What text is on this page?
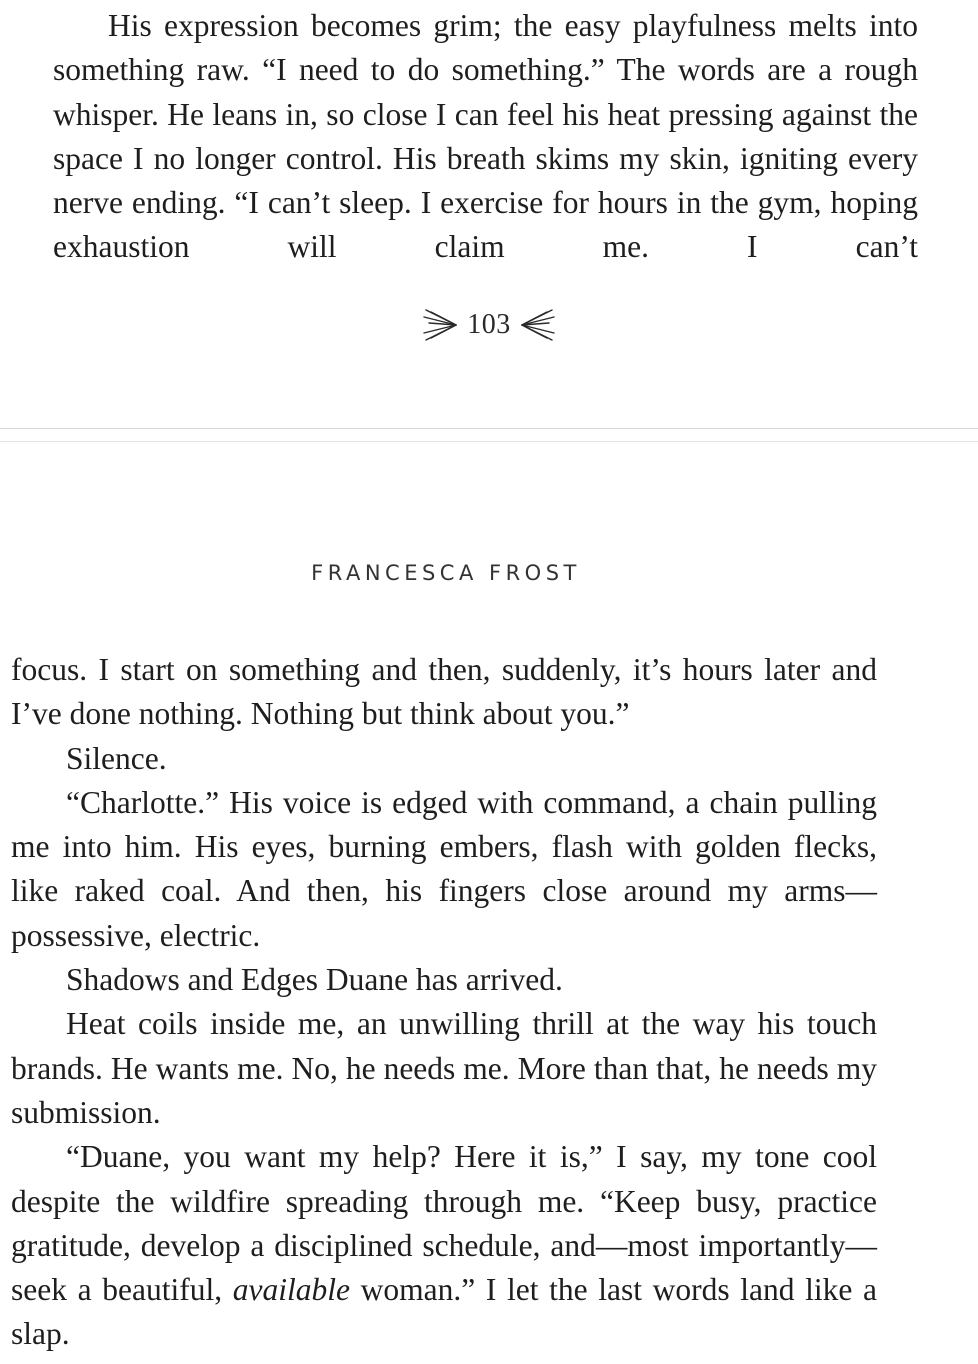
His expression becomes grim; the easy playfulness melts into something raw. “I need to do something.” The words are a rough whisper. He leans in, so close I can feel his heat pressing against the space I no longer control. His breath skims my skin, igniting every nerve ending. “I can’t sleep. I exercise for hours in the gym, hoping exhaustion will claim me. I can’t

103
FRANCESCA FROST

focus. I start on something and then, suddenly, it’s hours later and I’ve done nothing. Nothing but think about you.”

Silence.

“Charlotte.” His voice is edged with command, a chain pulling me into him. His eyes, burning embers, flash with golden flecks, like raked coal. And then, his fingers close around my arms—possessive, electric.

Shadows and Edges Duane has arrived.

Heat coils inside me, an unwilling thrill at the way his touch brands. He wants me. No, he needs me. More than that, he needs my submission.

“Duane, you want my help? Here it is,” I say, my tone cool despite the wildfire spreading through me. “Keep busy, practice gratitude, develop a disciplined schedule, and—most importantly—seek a beautiful, available woman.” I let the last words land like a slap.
